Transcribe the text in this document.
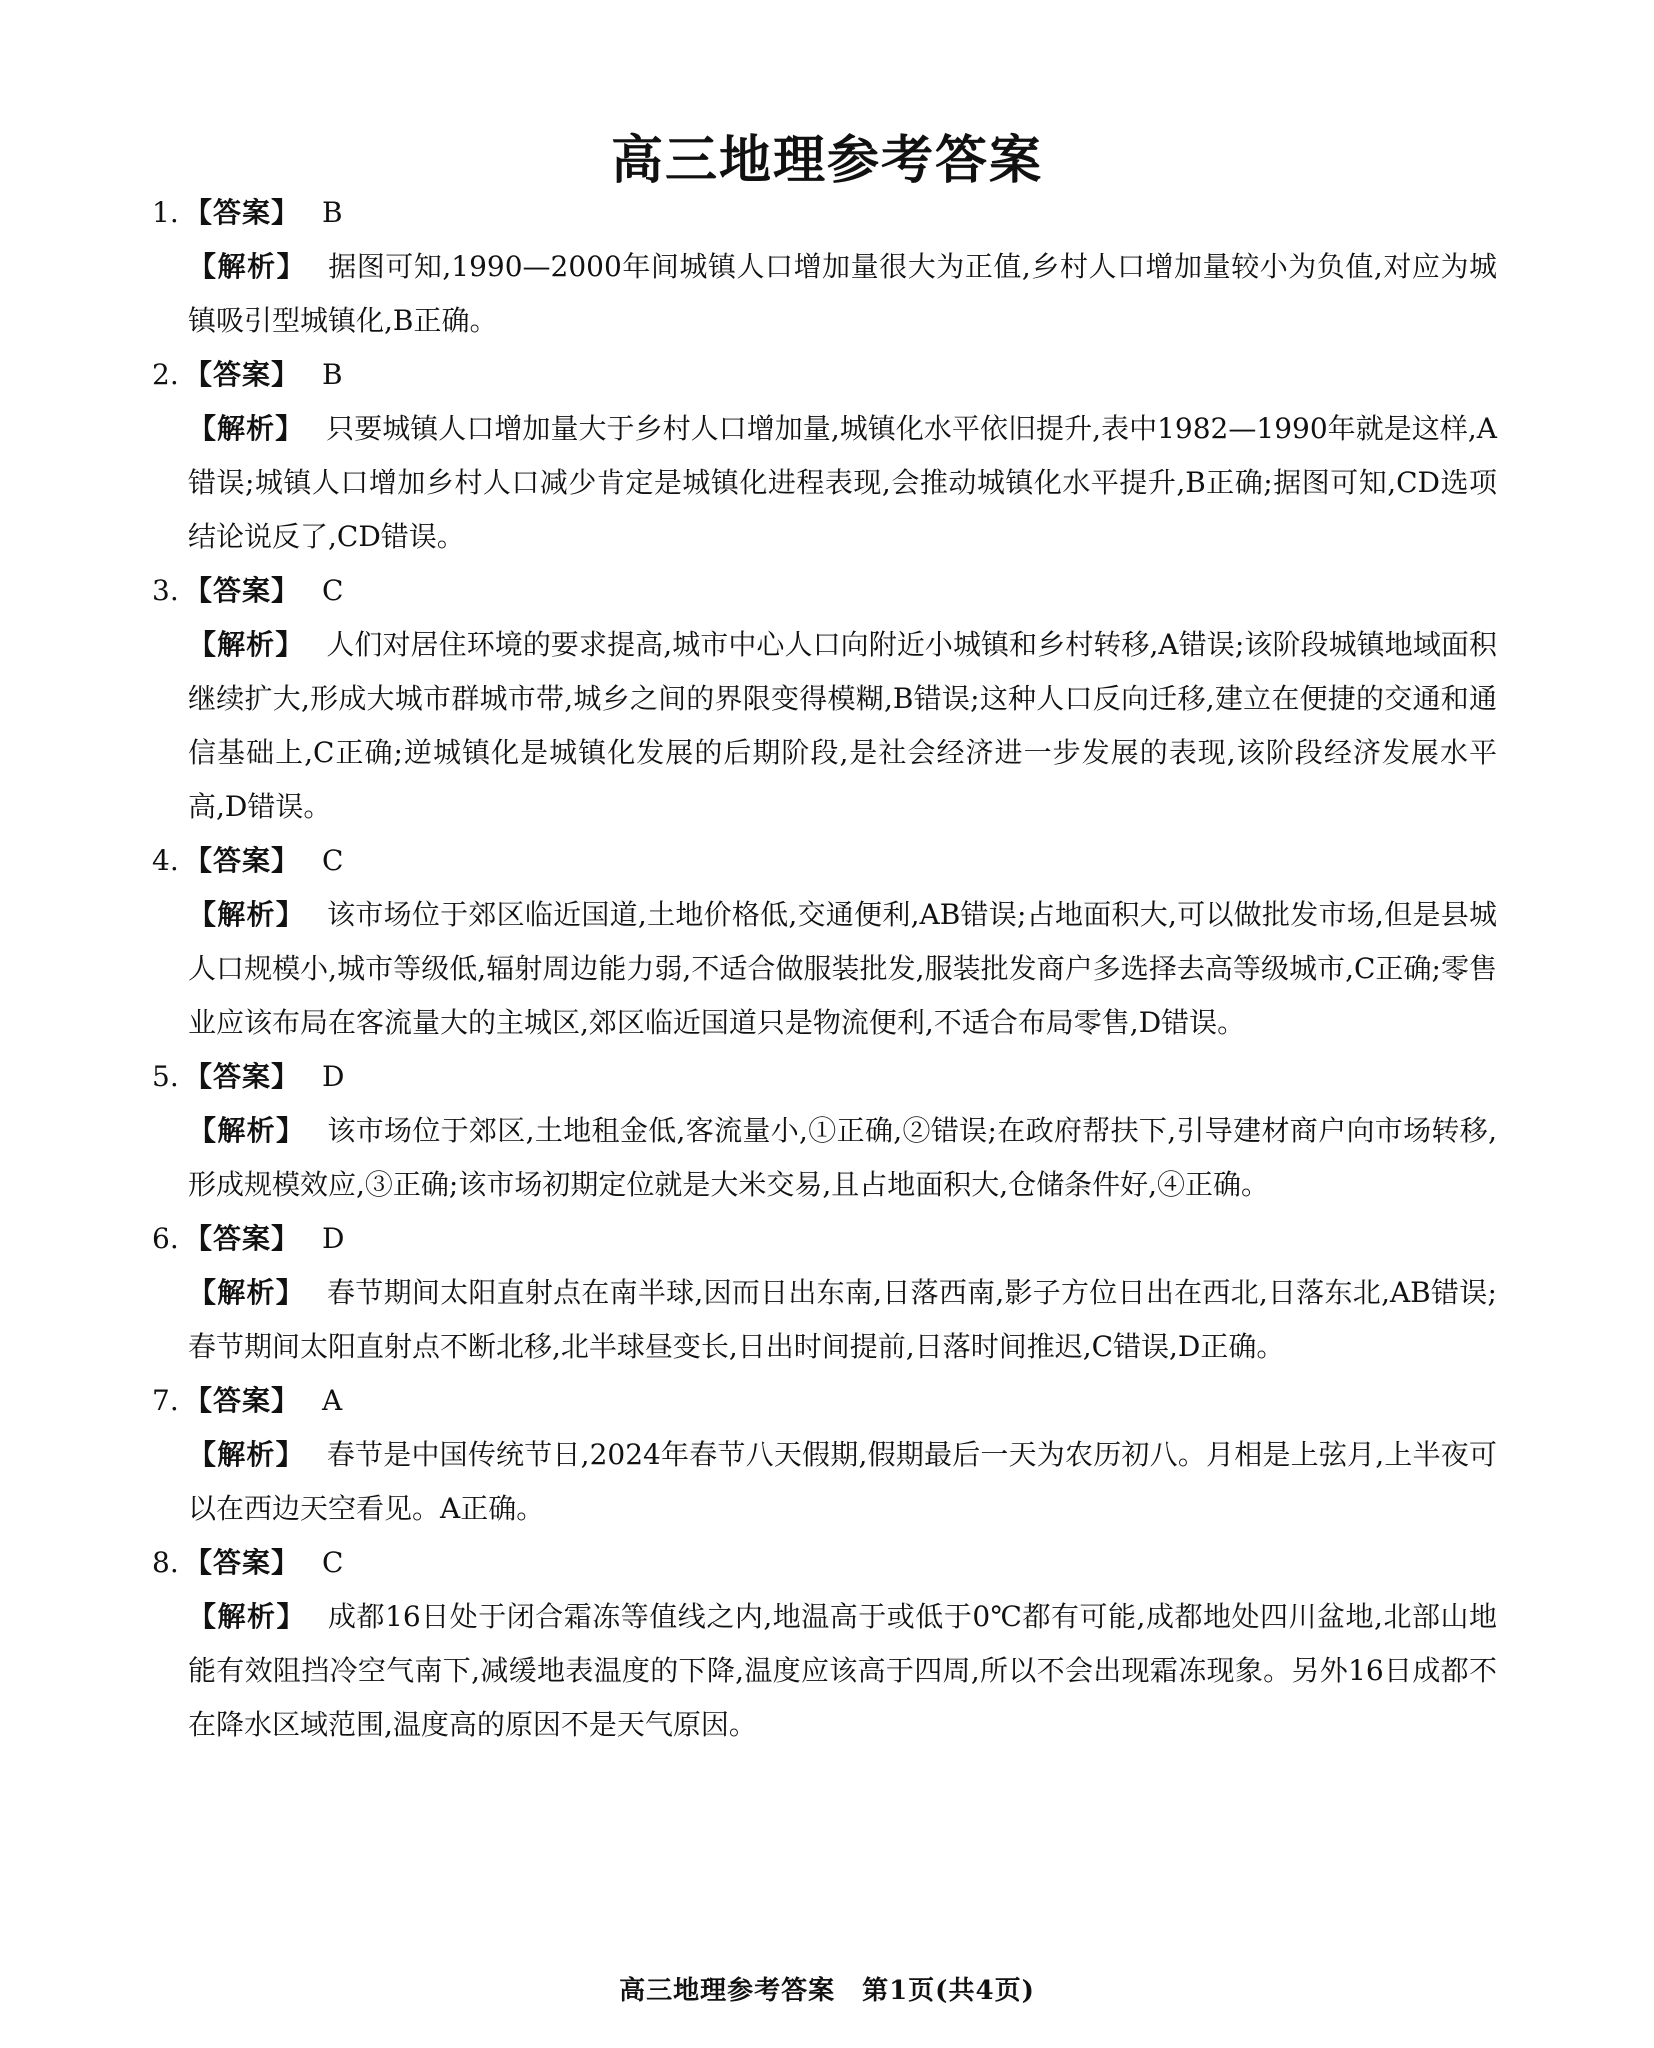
高三地理参考答案
1. 【答案】 B
【解析】 据图可知,1990—2000年间城镇人口增加量很大为正值,乡村人口增加量较小为负值,对应为城镇吸引型城镇化,B正确。
2. 【答案】 B
【解析】 只要城镇人口增加量大于乡村人口增加量,城镇化水平依旧提升,表中1982—1990年就是这样,A错误;城镇人口增加乡村人口减少肯定是城镇化进程表现,会推动城镇化水平提升,B正确;据图可知,CD选项结论说反了,CD错误。
3. 【答案】 C
【解析】 人们对居住环境的要求提高,城市中心人口向附近小城镇和乡村转移,A错误;该阶段城镇地域面积继续扩大,形成大城市群城市带,城乡之间的界限变得模糊,B错误;这种人口反向迁移,建立在便捷的交通和通信基础上,C正确;逆城镇化是城镇化发展的后期阶段,是社会经济进一步发展的表现,该阶段经济发展水平高,D错误。
4. 【答案】 C
【解析】 该市场位于郊区临近国道,土地价格低,交通便利,AB错误;占地面积大,可以做批发市场,但是县城人口规模小,城市等级低,辐射周边能力弱,不适合做服装批发,服装批发商户多选择去高等级城市,C正确;零售业应该布局在客流量大的主城区,郊区临近国道只是物流便利,不适合布局零售,D错误。
5. 【答案】 D
【解析】 该市场位于郊区,土地租金低,客流量小,①正确,②错误;在政府帮扶下,引导建材商户向市场转移,形成规模效应,③正确;该市场初期定位就是大米交易,且占地面积大,仓储条件好,④正确。
6. 【答案】 D
【解析】 春节期间太阳直射点在南半球,因而日出东南,日落西南,影子方位日出在西北,日落东北,AB错误;春节期间太阳直射点不断北移,北半球昼变长,日出时间提前,日落时间推迟,C错误,D正确。
7. 【答案】 A
【解析】 春节是中国传统节日,2024年春节八天假期,假期最后一天为农历初八。月相是上弦月,上半夜可以在西边天空看见。A正确。
8. 【答案】 C
【解析】 成都16日处于闭合霜冻等值线之内,地温高于或低于0℃都有可能,成都地处四川盆地,北部山地能有效阻挡冷空气南下,减缓地表温度的下降,温度应该高于四周,所以不会出现霜冻现象。另外16日成都不在降水区域范围,温度高的原因不是天气原因。
高三地理参考答案　第1页(共4页)
